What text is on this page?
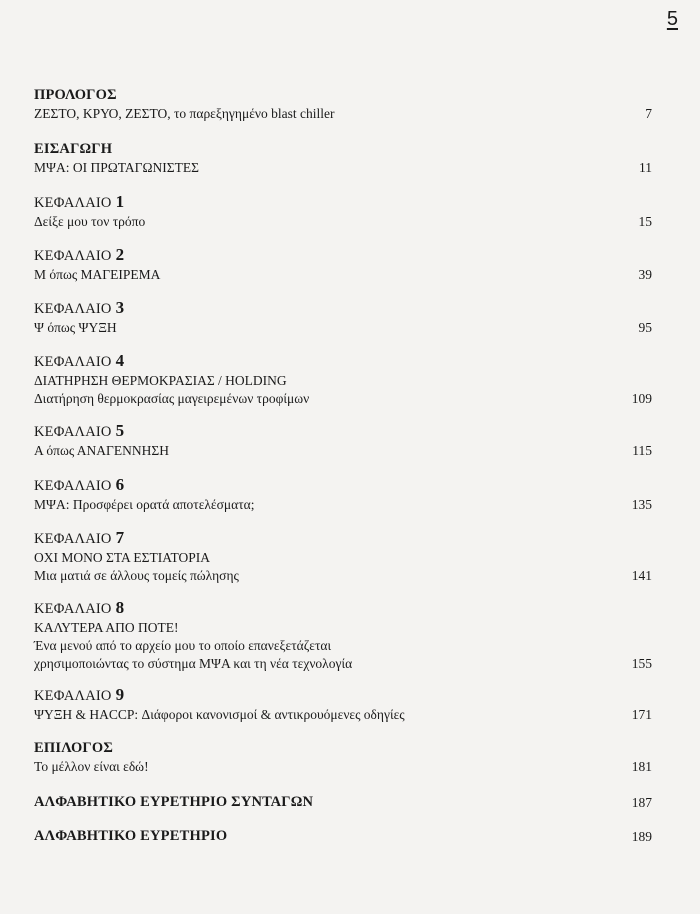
5
ΠΡΟΛΟΓΟΣ
ΖΕΣΤΟ, ΚΡΥΟ, ΖΕΣΤΟ, το παρεξηγημένο blast chiller	7
ΕΙΣΑΓΩΓΗ
ΜΨΑ: ΟΙ ΠΡΩΤΑΓΩΝΙΣΤΕΣ	11
ΚΕΦΑΛΑΙΟ 1
Δείξε μου τον τρόπο	15
ΚΕΦΑΛΑΙΟ 2
Μ όπως ΜΑΓΕΙΡΕΜΑ	39
ΚΕΦΑΛΑΙΟ 3
Ψ όπως ΨΥΞΗ	95
ΚΕΦΑΛΑΙΟ 4
ΔΙΑΤΗΡΗΣΗ ΘΕΡΜΟΚΡΑΣΙΑΣ / HOLDING
Διατήρηση θερμοκρασίας μαγειρεμένων τροφίμων	109
ΚΕΦΑΛΑΙΟ 5
Α όπως ΑΝΑΓΕΝΝΗΣΗ	115
ΚΕΦΑΛΑΙΟ 6
ΜΨΑ: Προσφέρει ορατά αποτελέσματα;	135
ΚΕΦΑΛΑΙΟ 7
ΟΧΙ ΜΟΝΟ ΣΤΑ ΕΣΤΙΑΤΟΡΙΑ
Μια ματιά σε άλλους τομείς πώλησης	141
ΚΕΦΑΛΑΙΟ 8
ΚΑΛΥΤΕΡΑ ΑΠΟ ΠΟΤΕ!
Ένα μενού από το αρχείο μου το οποίο επανεξετάζεται
χρησιμοποιώντας το σύστημα ΜΨΑ και τη νέα τεχνολογία	155
ΚΕΦΑΛΑΙΟ 9
ΨΥΞΗ & HACCP: Διάφοροι κανονισμοί & αντικρουόμενες οδηγίες	171
ΕΠΙΛΟΓΟΣ
Το μέλλον είναι εδώ!	181
ΑΛΦΑΒΗΤΙΚΟ ΕΥΡΕΤΗΡΙΟ ΣΥΝΤΑΓΩΝ	187
ΑΛΦΑΒΗΤΙΚΟ ΕΥΡΕΤΗΡΙΟ	189
